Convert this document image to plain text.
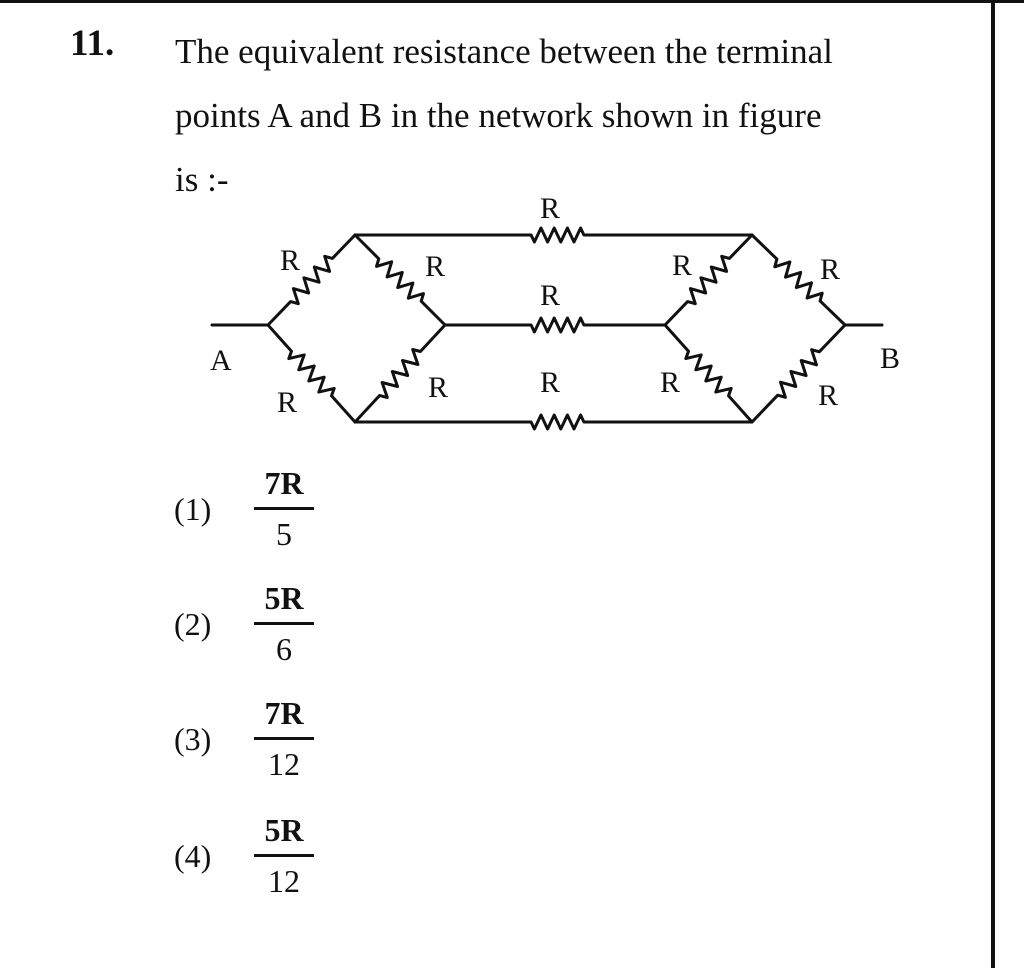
11. The equivalent resistance between the terminal
points A and B in the network shown in figure
is :-
A	B
R
R
R
R
R
R
R
R
R
R
R
(1)
7R
5
(2)
5R
6
(3)
7R
12
(4)
5R
12
